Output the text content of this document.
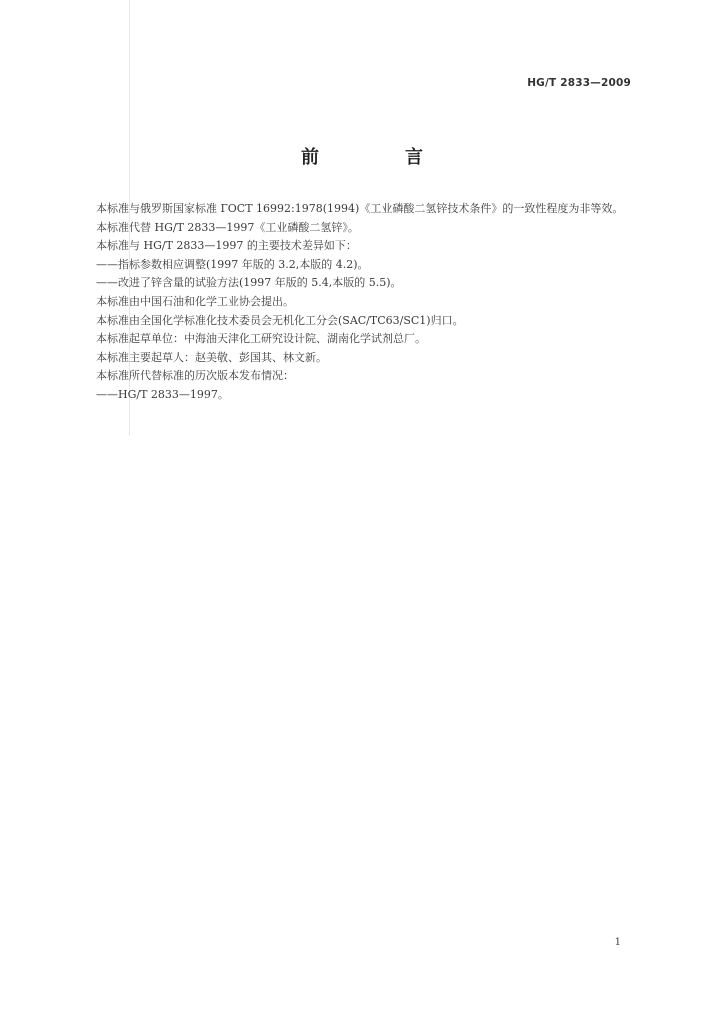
HG/T 2833—2009
前　言

本标准与俄罗斯国家标准 ГОСТ 16992:1978(1994)《工业磷酸二氢锌技术条件》的一致性程度为非等效。

本标准代替 HG/T 2833—1997《工业磷酸二氢锌》。

本标准与 HG/T 2833—1997 的主要技术差异如下：

——指标参数相应调整(1997 年版的 3.2,本版的 4.2)。

——改进了锌含量的试验方法(1997 年版的 5.4,本版的 5.5)。

本标准由中国石油和化学工业协会提出。

本标准由全国化学标准化技术委员会无机化工分会(SAC/TC63/SC1)归口。

本标准起草单位：中海油天津化工研究设计院、湖南化学试剂总厂。

本标准主要起草人：赵美敬、彭国其、林文新。

本标准所代替标准的历次版本发布情况：

——HG/T 2833—1997。

1
